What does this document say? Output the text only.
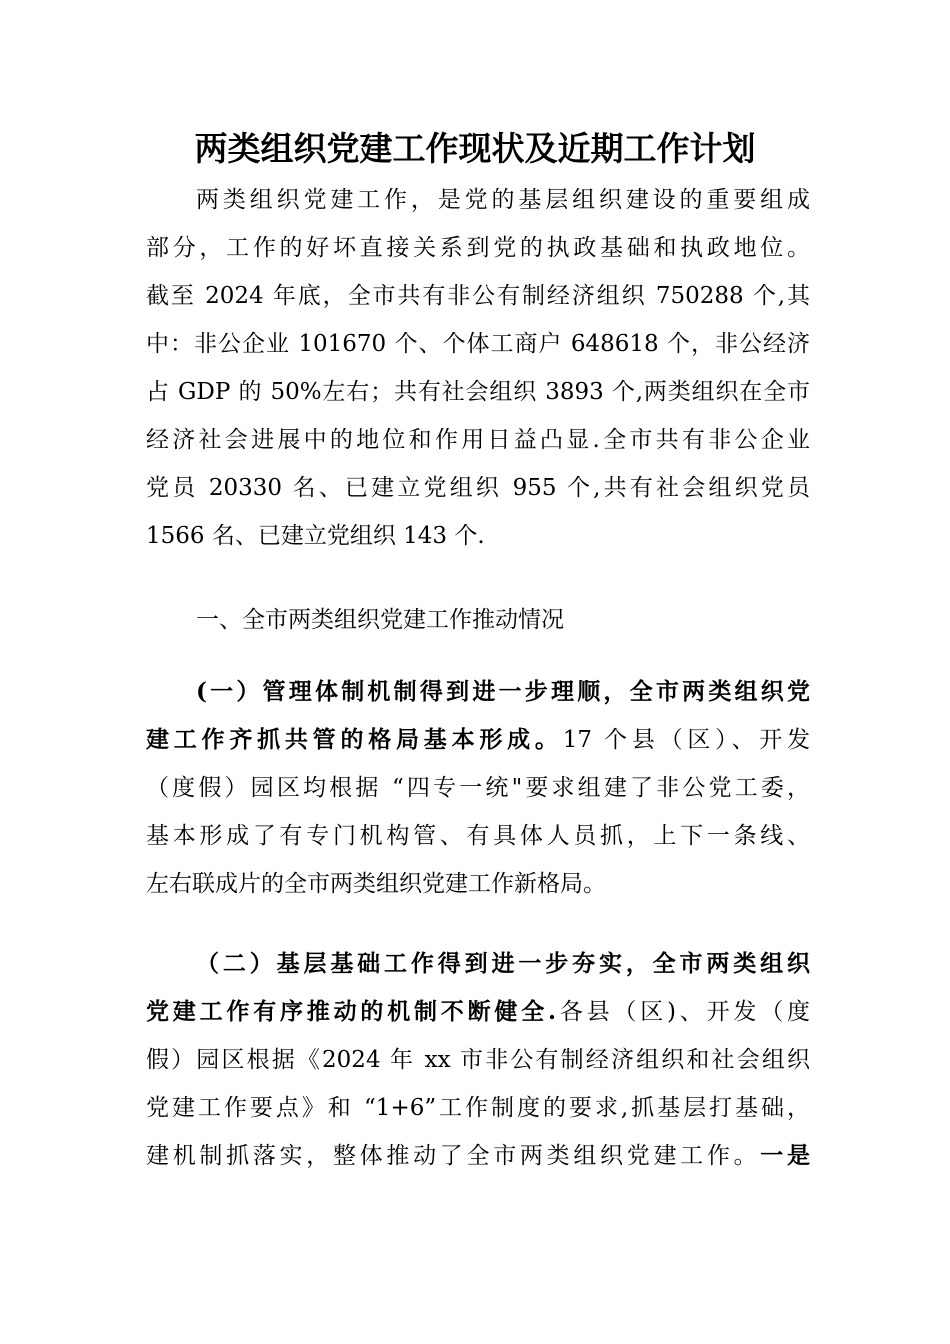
两类组织党建工作现状及近期工作计划
两类组织党建工作，是党的基层组织建设的重要组成
部分，工作的好坏直接关系到党的执政基础和执政地位。
截至 2024 年底，全市共有非公有制经济组织 750288 个,其
中：非公企业 101670 个、个体工商户 648618 个，非公经济
占 GDP 的 50%左右；共有社会组织 3893 个,两类组织在全市
经济社会进展中的地位和作用日益凸显.全市共有非公企业
党员 20330 名、已建立党组织 955 个,共有社会组织党员
1566 名、已建立党组织 143 个.
一、全市两类组织党建工作推动情况
(一）管理体制机制得到进一步理顺，全市两类组织党
建工作齐抓共管的格局基本形成。17 个县（区）、开发
（度假）园区均根据 “四专一统"要求组建了非公党工委，
基本形成了有专门机构管、有具体人员抓，上下一条线、
左右联成片的全市两类组织党建工作新格局。
（二）基层基础工作得到进一步夯实，全市两类组织
党建工作有序推动的机制不断健全.各县（区)、开发（度
假）园区根据《2024 年 xx 市非公有制经济组织和社会组织
党建工作要点》和 “1+6”工作制度的要求,抓基层打基础，
建机制抓落实，整体推动了全市两类组织党建工作。一是
